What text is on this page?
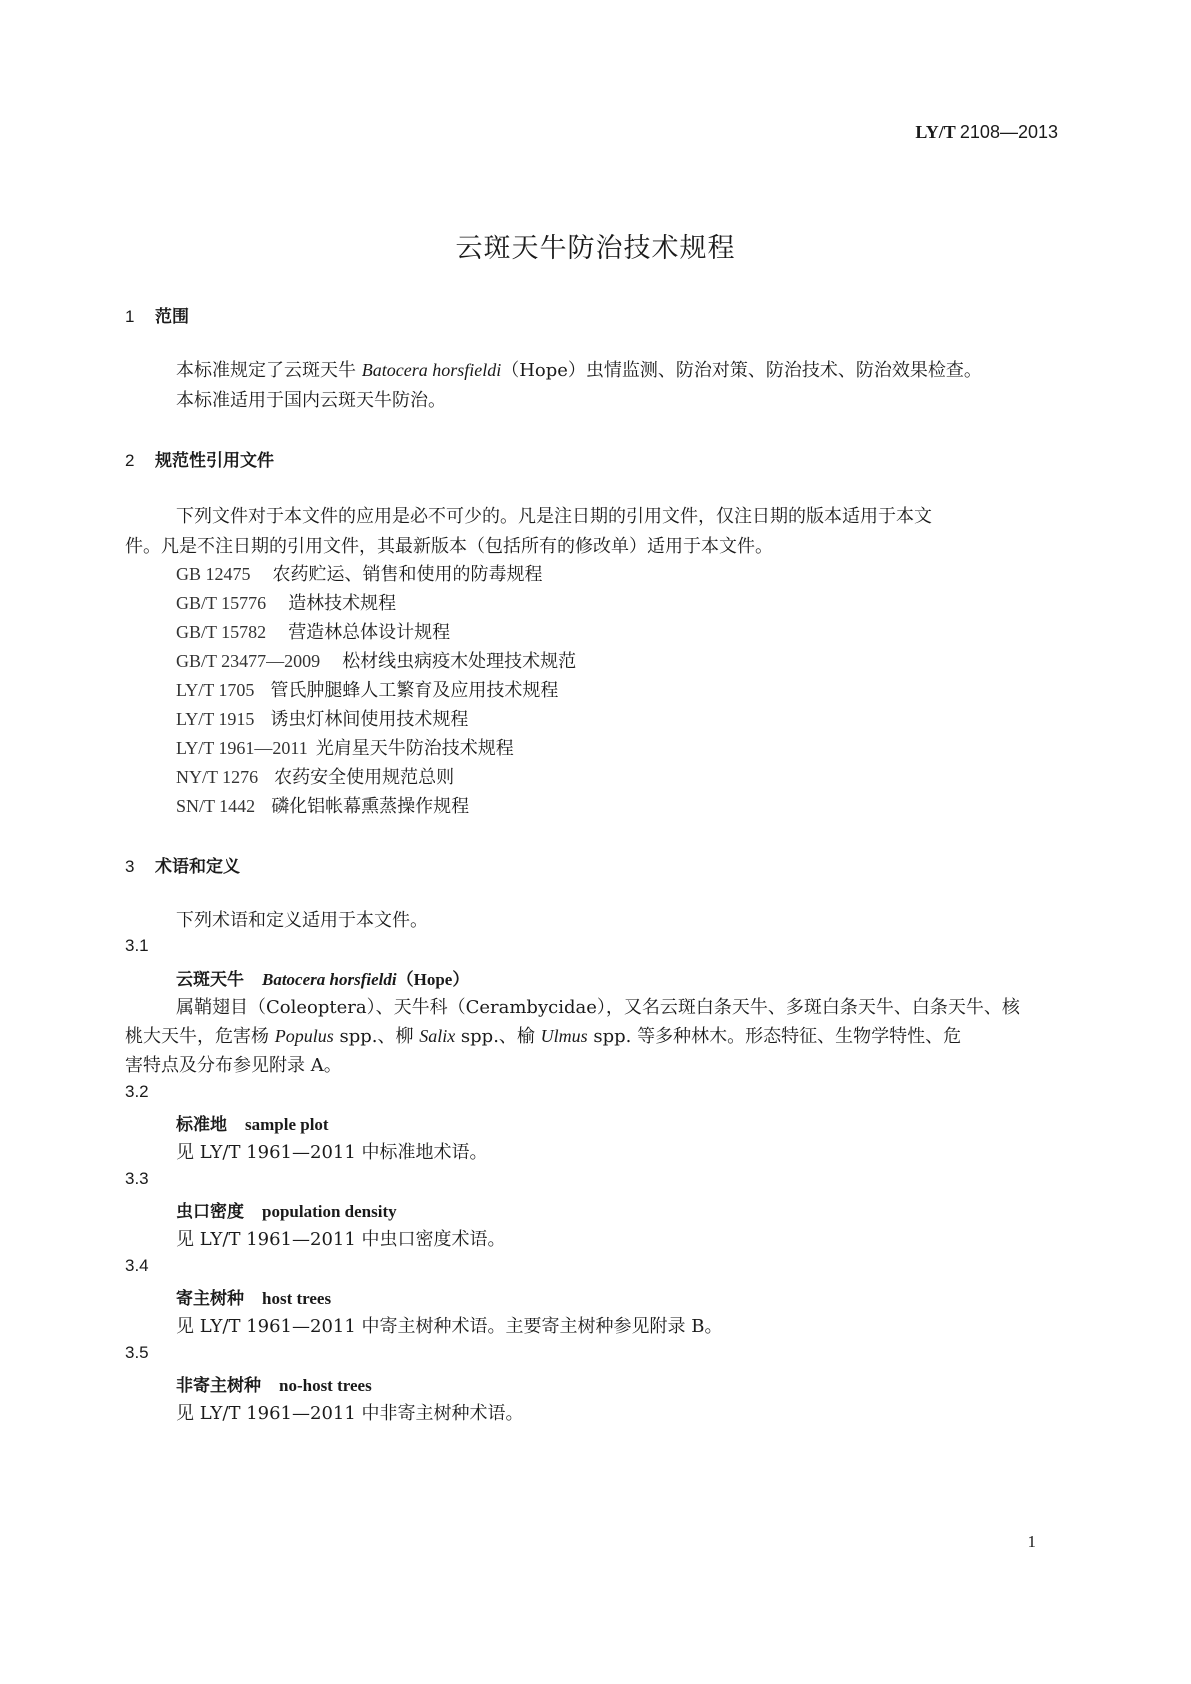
LY/T 2108—2013
云斑天牛防治技术规程
1 范围
本标准规定了云斑天牛 Batocera horsfieldi（Hope）虫情监测、防治对策、防治技术、防治效果检查。
本标准适用于国内云斑天牛防治。
2 规范性引用文件
下列文件对于本文件的应用是必不可少的。凡是注日期的引用文件，仅注日期的版本适用于本文
件。凡是不注日期的引用文件，其最新版本（包括所有的修改单）适用于本文件。
GB 12475 农药贮运、销售和使用的防毒规程
GB/T 15776 造林技术规程
GB/T 15782 营造林总体设计规程
GB/T 23477—2009 松材线虫病疫木处理技术规范
LY/T 1705 管氏肿腿蜂人工繁育及应用技术规程
LY/T 1915 诱虫灯林间使用技术规程
LY/T 1961—2011 光肩星天牛防治技术规程
NY/T 1276 农药安全使用规范总则
SN/T 1442 磷化铝帐幕熏蒸操作规程
3 术语和定义
下列术语和定义适用于本文件。
3.1
云斑天牛 Batocera horsfieldi（Hope）
属鞘翅目（Coleoptera）、天牛科（Cerambycidae），又名云斑白条天牛、多斑白条天牛、白条天牛、核
桃大天牛，危害杨 Populus spp.、柳 Salix spp.、榆 Ulmus spp. 等多种林木。形态特征、生物学特性、危
害特点及分布参见附录 A。
3.2
标准地 sample plot
见 LY/T 1961—2011 中标准地术语。
3.3
虫口密度 population density
见 LY/T 1961—2011 中虫口密度术语。
3.4
寄主树种 host trees
见 LY/T 1961—2011 中寄主树种术语。主要寄主树种参见附录 B。
3.5
非寄主树种 no-host trees
见 LY/T 1961—2011 中非寄主树种术语。
1
